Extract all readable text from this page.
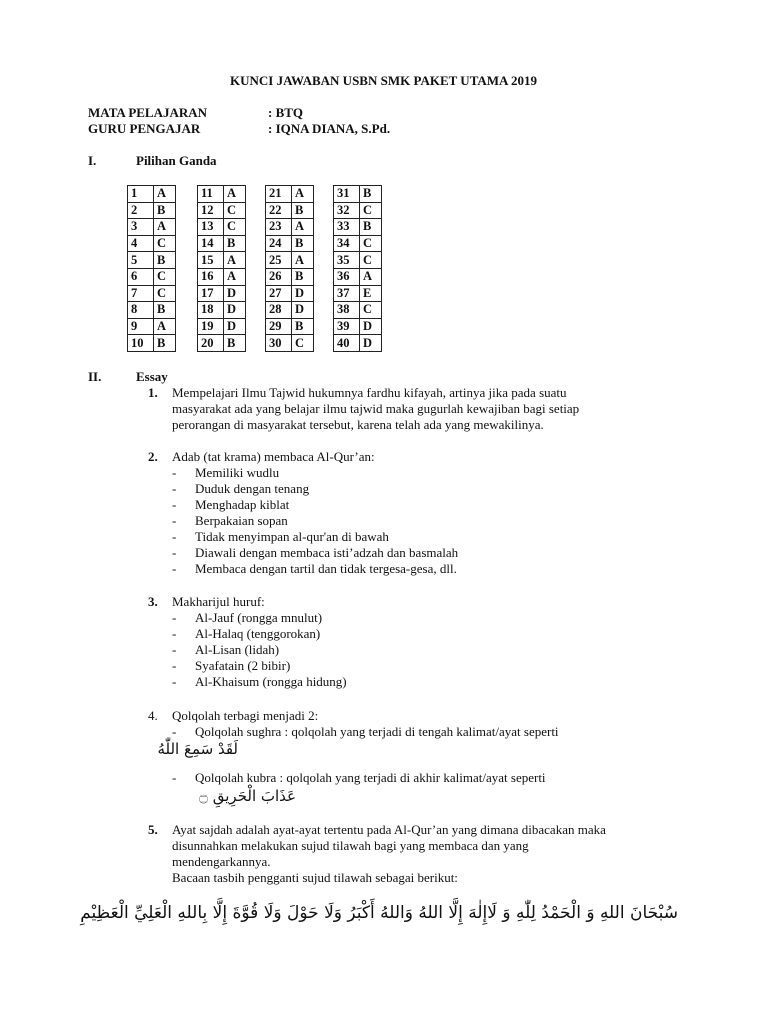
KUNCI JAWABAN USBN SMK PAKET UTAMA 2019
MATA PELAJARAN	: BTQ
GURU PENGAJAR	: IQNA DIANA, S.Pd.
I.	Pilihan Ganda
1	A
2	B
3	A
4	C
5	B
6	C
7	C
8	B
9	A
10	B
11	A
12	C
13	C
14	B
15	A
16	A
17	D
18	D
19	D
20	B
21	A
22	B
23	A
24	B
25	A
26	B
27	D
28	D
29	B
30	C
31	B
32	C
33	B
34	C
35	C
36	A
37	E
38	C
39	D
40	D
II.	Essay
1. Mempelajari Ilmu Tajwid hukumnya fardhu kifayah, artinya jika pada suatu
masyarakat ada yang belajar ilmu tajwid maka gugurlah kewajiban bagi setiap
perorangan di masyarakat tersebut, karena telah ada yang mewakilinya.
2. Adab (tat krama) membaca Al-Qur’an:
- Memiliki wudlu
- Duduk dengan tenang
- Menghadap kiblat
- Berpakaian sopan
- Tidak menyimpan al-qur'an di bawah
- Diawali dengan membaca isti’adzah dan basmalah
- Membaca dengan tartil dan tidak tergesa-gesa, dll.
3. Makharijul huruf:
- Al-Jauf (rongga mnulut)
- Al-Halaq (tenggorokan)
- Al-Lisan (lidah)
- Syafatain (2 bibir)
- Al-Khaisum (rongga hidung)
4. Qolqolah terbagi menjadi 2:
- Qolqolah sughra : qolqolah yang terjadi di tengah kalimat/ayat seperti
لَقَدْ سَمِعَ اللّٰهُ
- Qolqolah kubra : qolqolah yang terjadi di akhir kalimat/ayat seperti
عَذَابَ الْحَرِيقِ ۝
5. Ayat sajdah adalah ayat-ayat tertentu pada Al-Qur’an yang dimana dibacakan maka
disunnahkan melakukan sujud tilawah bagi yang membaca dan yang
mendengarkannya.
Bacaan tasbih pengganti sujud tilawah sebagai berikut:
سُبْحَانَ اللهِ وَ الْحَمْدُ لِلّٰهِ وَ لَاإِلٰهَ إِلَّا اللهُ وَاللهُ أَكْبَرُ وَلَا حَوْلَ وَلَا قُوَّةَ إِلَّا بِاللهِ الْعَلِيِّ الْعَظِيْمِ
